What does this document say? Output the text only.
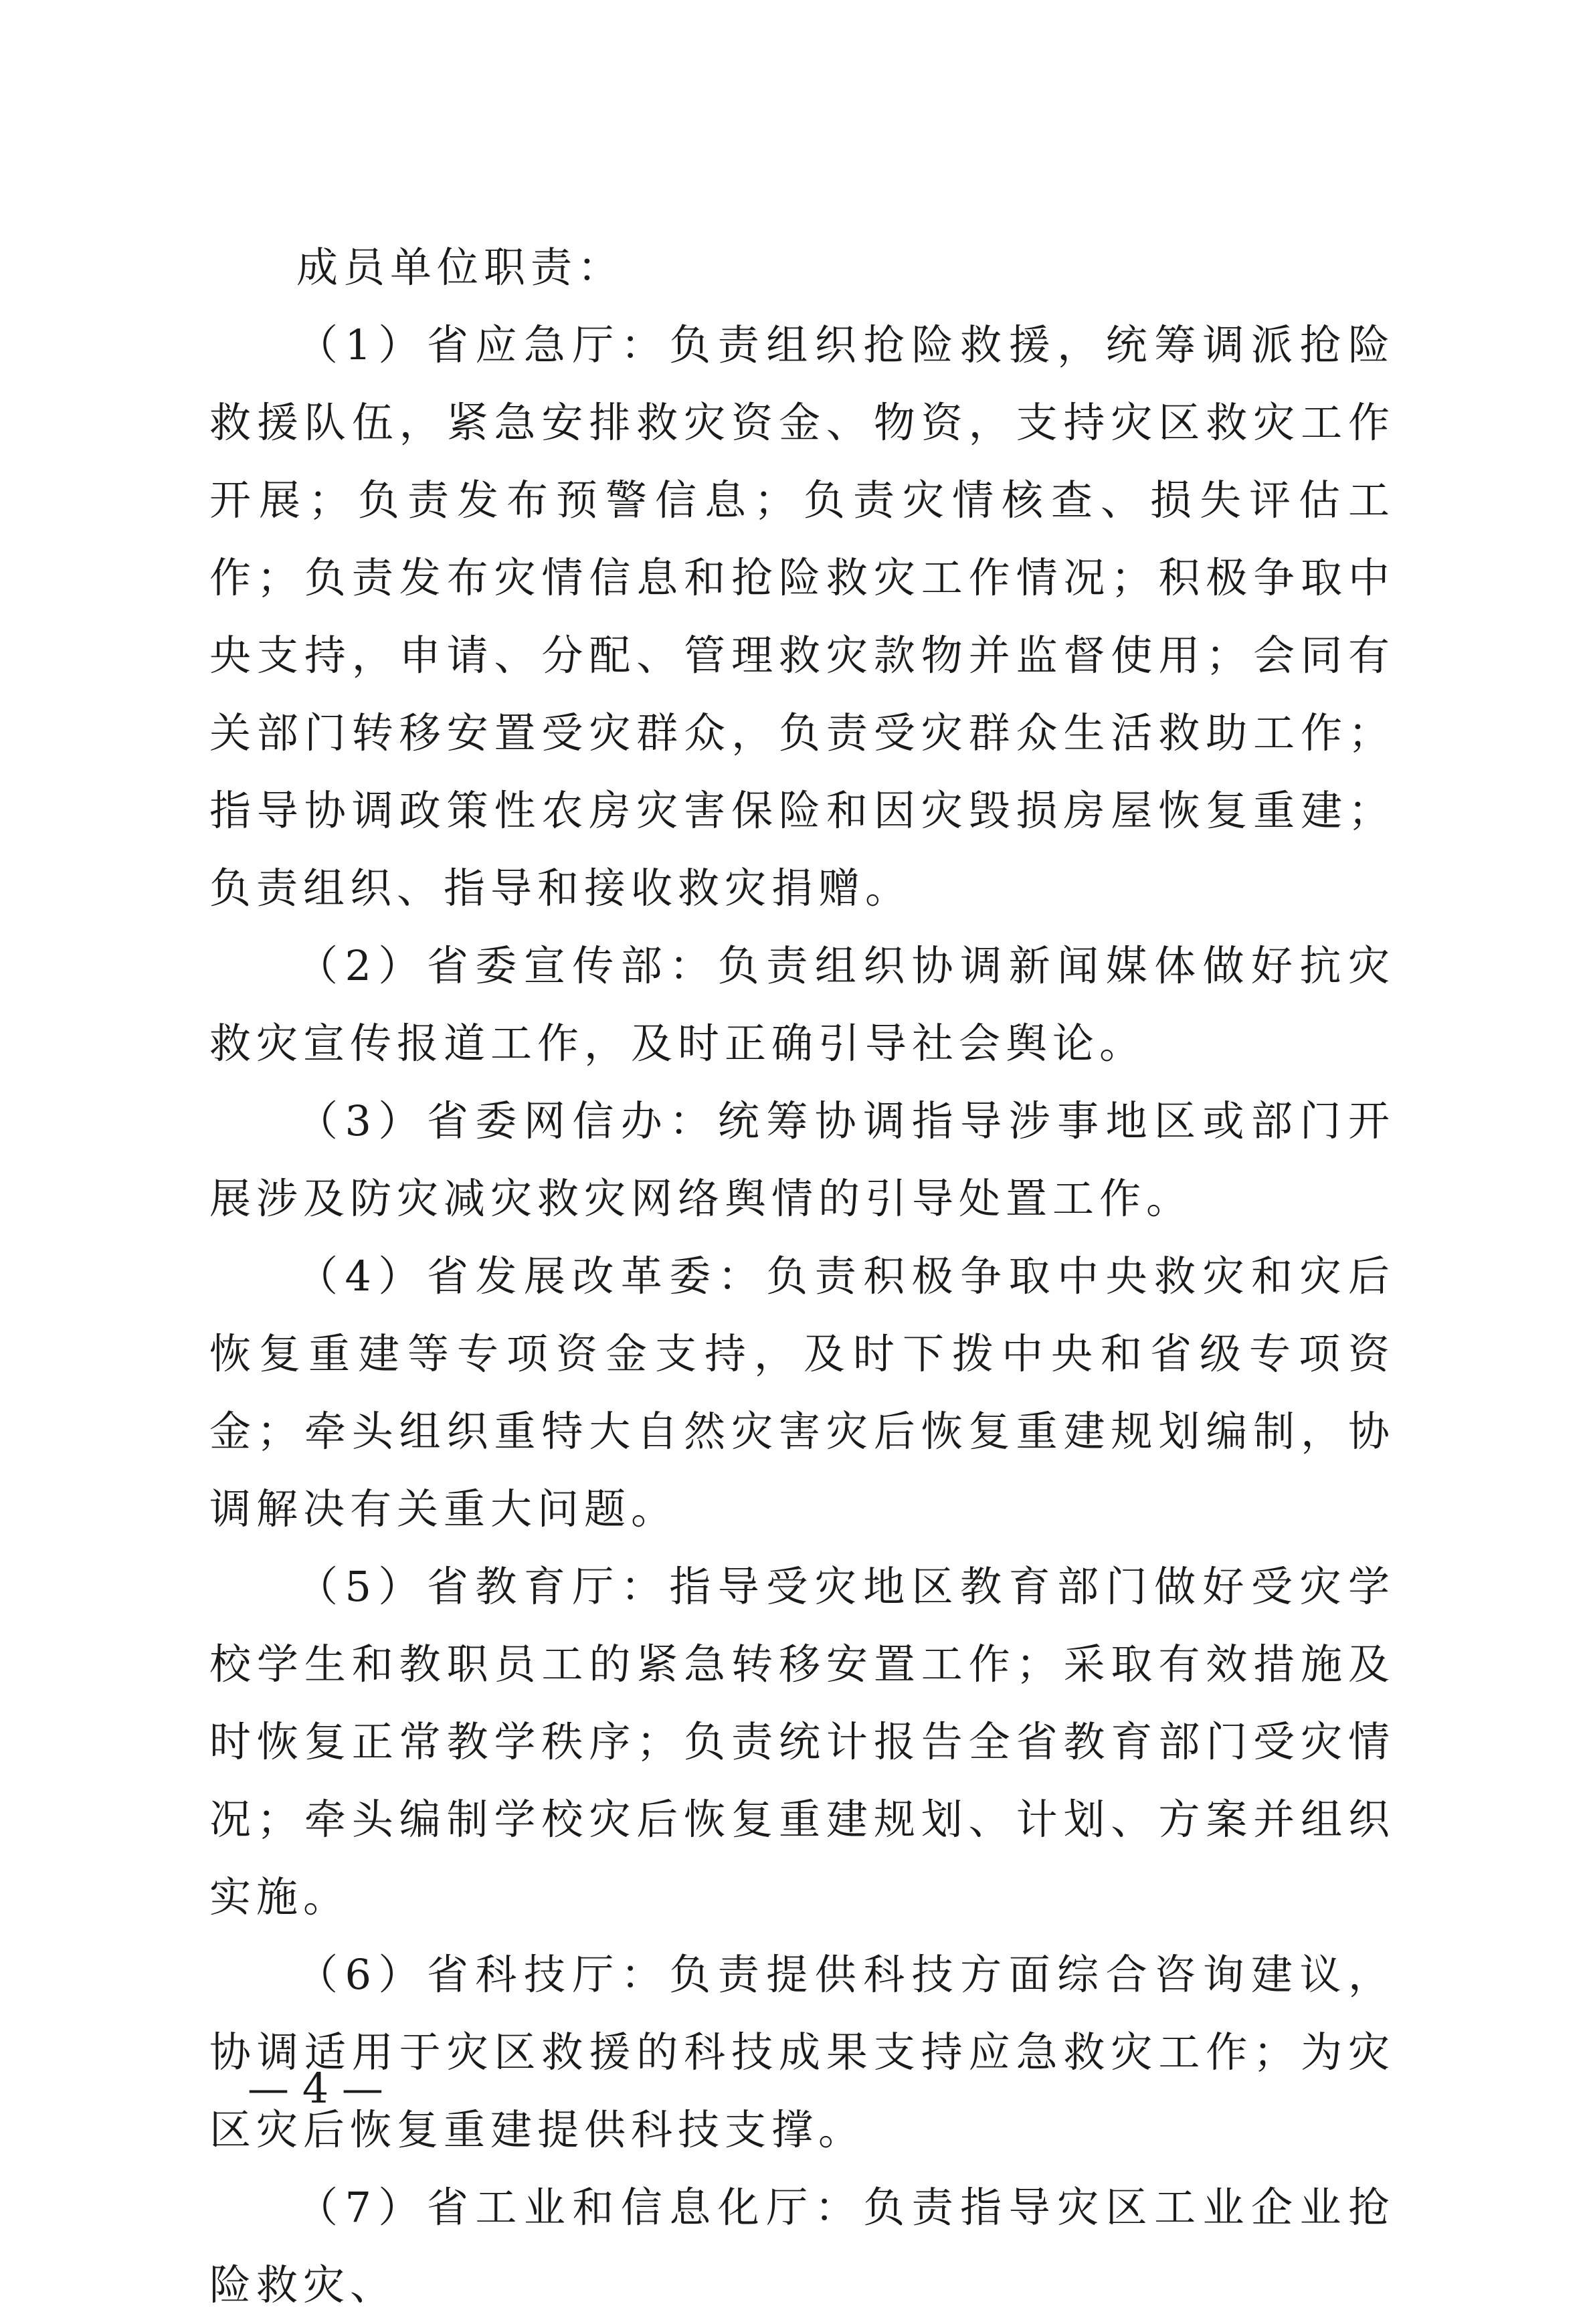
成员单位职责：

（1）省应急厅：负责组织抢险救援，统筹调派抢险救援队伍，紧急安排救灾资金、物资，支持灾区救灾工作开展；负责发布预警信息；负责灾情核查、损失评估工作；负责发布灾情信息和抢险救灾工作情况；积极争取中央支持，申请、分配、管理救灾款物并监督使用；会同有关部门转移安置受灾群众，负责受灾群众生活救助工作；指导协调政策性农房灾害保险和因灾毁损房屋恢复重建；负责组织、指导和接收救灾捐赠。

（2）省委宣传部：负责组织协调新闻媒体做好抗灾救灾宣传报道工作，及时正确引导社会舆论。

（3）省委网信办：统筹协调指导涉事地区或部门开展涉及防灾减灾救灾网络舆情的引导处置工作。

（4）省发展改革委：负责积极争取中央救灾和灾后恢复重建等专项资金支持，及时下拨中央和省级专项资金；牵头组织重特大自然灾害灾后恢复重建规划编制，协调解决有关重大问题。

（5）省教育厅：指导受灾地区教育部门做好受灾学校学生和教职员工的紧急转移安置工作；采取有效措施及时恢复正常教学秩序；负责统计报告全省教育部门受灾情况；牵头编制学校灾后恢复重建规划、计划、方案并组织实施。

（6）省科技厅：负责提供科技方面综合咨询建议，协调适用于灾区救援的科技成果支持应急救灾工作；为灾区灾后恢复重建提供科技支撑。

（7）省工业和信息化厅：负责指导灾区工业企业抢险救灾、

— 4 —
